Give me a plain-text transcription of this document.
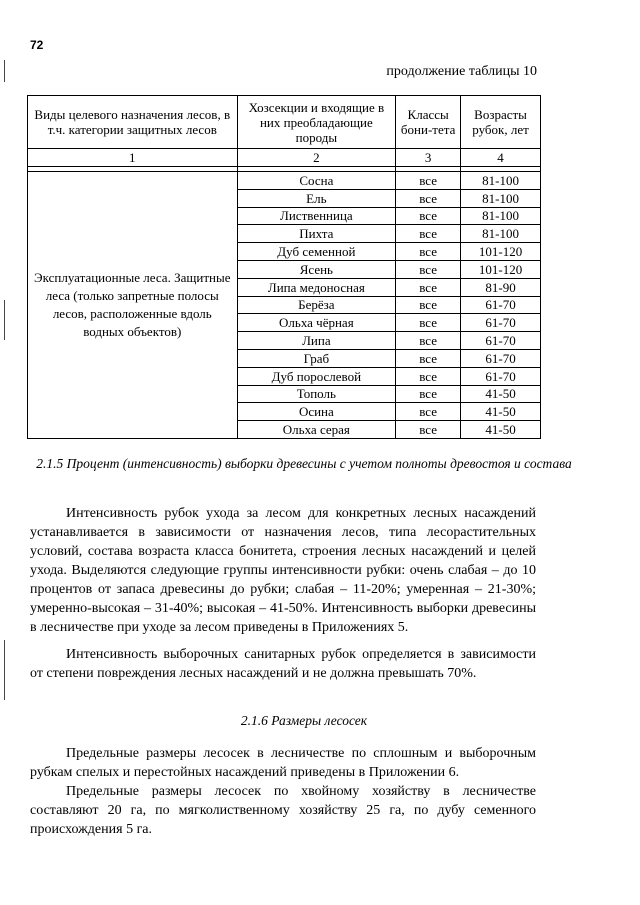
72
продолжение таблицы 10
Виды целевого назначения лесов, в т.ч. категории защитных лесов	Хозсекции и входящие в них преобладающие породы	Классы бони-тета	Возрасты рубок, лет
1	2	3	4

Эксплуатационные леса. Защитные леса (только запретные полосы лесов, расположенные вдоль водных объектов)	Сосна	все	81-100
	Ель	все	81-100
	Лиственница	все	81-100
	Пихта	все	81-100
	Дуб семенной	все	101-120
	Ясень	все	101-120
	Липа медоносная	все	81-90
	Берёза	все	61-70
	Ольха чёрная	все	61-70
	Липа	все	61-70
	Граб	все	61-70
	Дуб порослевой	все	61-70
	Тополь	все	41-50
	Осина	все	41-50
	Ольха серая	все	41-50
2.1.5 Процент (интенсивность) выборки древесины с учетом полноты древостоя и состава

Интенсивность рубок ухода за лесом для конкретных лесных насаждений устанавливается в зависимости от назначения лесов, типа лесорастительных условий, состава возраста класса бонитета, строения лесных насаждений и целей ухода. Выделяются следующие группы интенсивности рубки: очень слабая – до 10 процентов от запаса древесины до рубки; слабая – 11-20%; умеренная – 21-30%; умеренно-высокая – 31-40%; высокая – 41-50%. Интенсивность выборки древесины в лесничестве при уходе за лесом приведены в Приложениях 5.

Интенсивность выборочных санитарных рубок определяется в зависимости от степени повреждения лесных насаждений и не должна превышать 70%.

2.1.6 Размеры лесосек

Предельные размеры лесосек в лесничестве по сплошным и выборочным рубкам спелых и перестойных насаждений приведены в Приложении 6.

Предельные размеры лесосек по хвойному хозяйству в лесничестве составляют 20 га, по мягколиственному хозяйству 25 га, по дубу семенного происхождения 5 га.
